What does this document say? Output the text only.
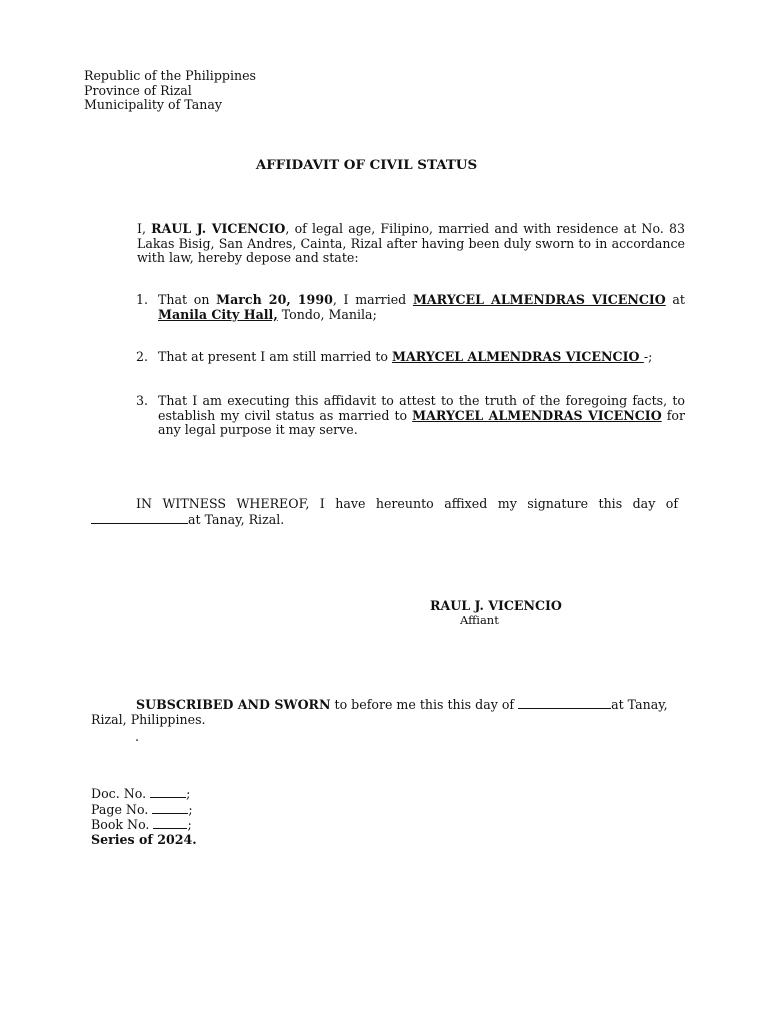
Republic of the Philippines
Province of Rizal
Municipality of Tanay
AFFIDAVIT OF CIVIL STATUS
I, RAUL J. VICENCIO, of legal age, Filipino, married and with residence at No. 83 Lakas Bisig, San Andres, Cainta, Rizal after having been duly sworn to in accordance with law, hereby depose and state:
1. That on March 20, 1990, I married MARYCEL ALMENDRAS VICENCIO at Manila City Hall, Tondo, Manila;
2. That at present I am still married to MARYCEL ALMENDRAS VICENCIO -;
3. That I am executing this affidavit to attest to the truth of the foregoing facts, to establish my civil status as married to MARYCEL ALMENDRAS VICENCIO for any legal purpose it may serve.
IN WITNESS WHEREOF, I have hereunto affixed my signature this day of
at Tanay, Rizal.
RAUL J. VICENCIO
Affiant
SUBSCRIBED AND SWORN to before me this this day of	at Tanay,
Rizal, Philippines.
.
Doc. No.	;
Page No.	;
Book No.	;
Series of 2024.
